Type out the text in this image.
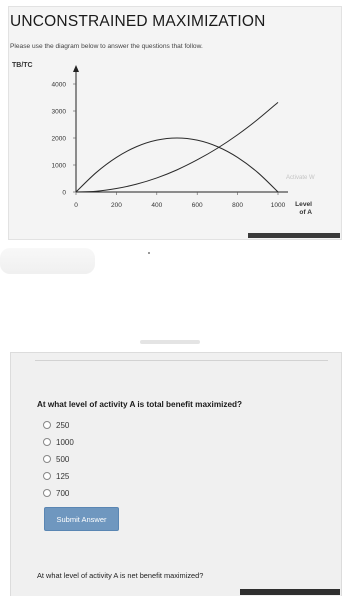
UNCONSTRAINED MAXIMIZATION
Please use the diagram below to answer the questions that follow.
TB/TC
0
1000
2000
3000
4000
0	200	400	600	800	1000 Level
of A
Activate W
At what level of activity A is total benefit maximized?
250
1000
500
125
700
Submit Answer
At what level of activity A is net benefit maximized?
